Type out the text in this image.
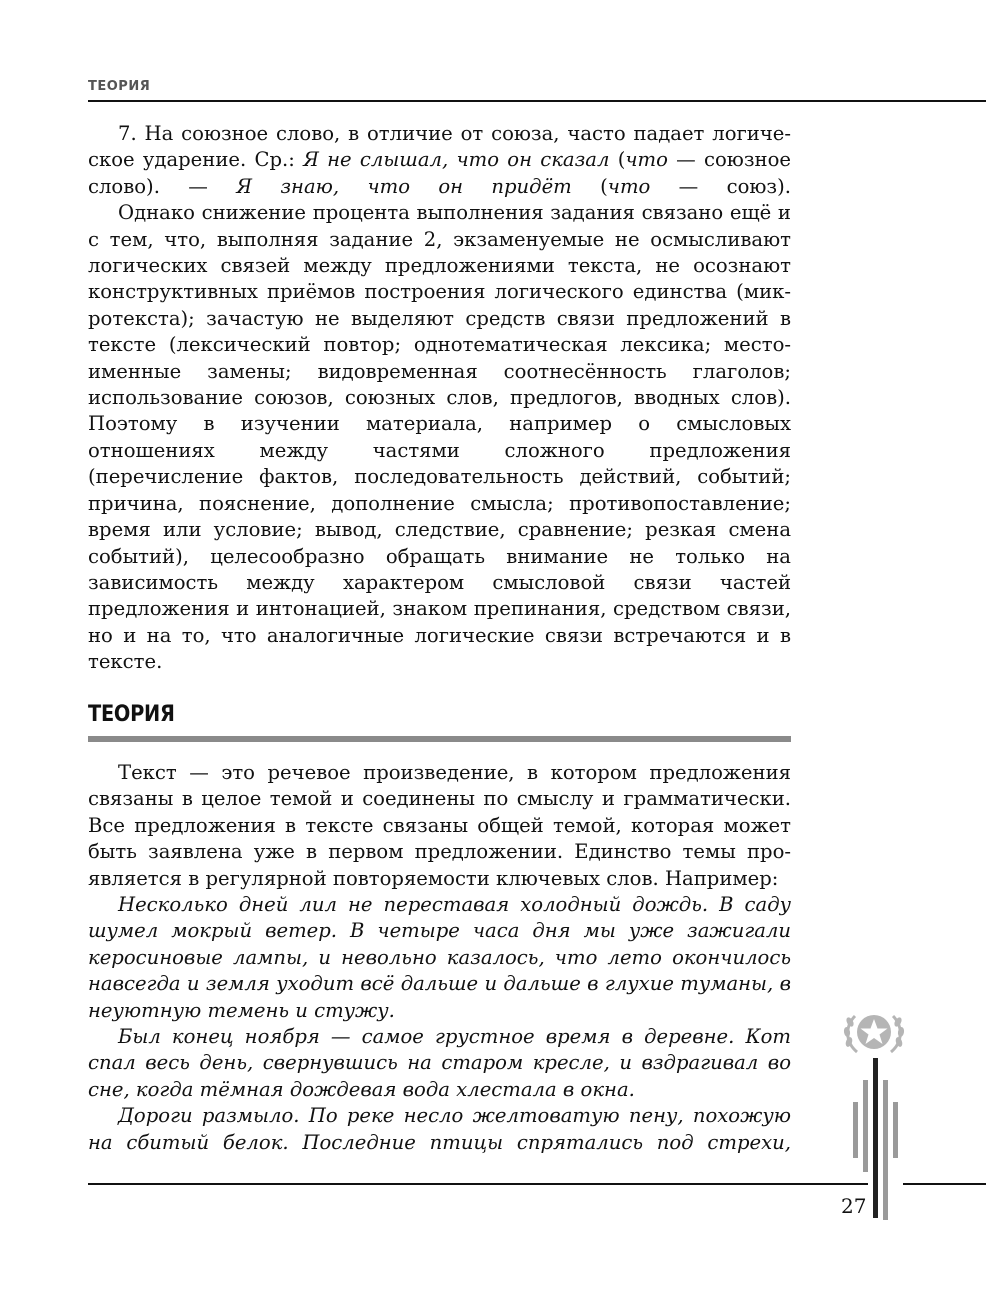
ТЕОРИЯ

7. На союзное слово, в отличие от союза, часто падает логиче-
ское ударение. Ср.: Я не слышал, что он сказал (что — союзное
слово). — Я знаю, что он придёт (что — союз).

Однако снижение процента выполнения задания связано ещё и с тем, что, выполняя задание 2, экзаменуемые не осмысливают логических связей между предложениями текста, не осознают конструктивных приёмов построения логического единства (микротекста); зачастую не выделяют средств связи предложений в тексте (лексический повтор; однотематическая лексика; местоименные замены; видовременная соотнесённость глаголов; использование союзов, союзных слов, предлогов, вводных слов). Поэтому в изучении материала, например о смысловых отношениях между частями сложного предложения (перечисление фактов, последовательность действий, событий; причина, пояснение, дополнение смысла; противопоставление; время или условие; вывод, следствие, сравнение; резкая смена событий), целесообразно обращать внимание не только на зависимость между характером смысловой связи частей предложения и интонацией, знаком препинания, средством связи, но и на то, что аналогичные логические связи встречаются и в тексте.

ТЕОРИЯ

Текст — это речевое произведение, в котором предложения связаны в целое темой и соединены по смыслу и грамматически. Все предложения в тексте связаны общей темой, которая может быть заявлена уже в первом предложении. Единство темы проявляется в регулярной повторяемости ключевых слов. Например:

Несколько дней лил не переставая холодный дождь. В саду шумел мокрый ветер. В четыре часа дня мы уже зажигали керосиновые лампы, и невольно казалось, что лето окончилось навсегда и земля уходит всё дальше и дальше в глухие туманы, в неуютную темень и стужу.

Был конец ноября — самое грустное время в деревне. Кот спал весь день, свернувшись на старом кресле, и вздрагивал во сне, когда тёмная дождевая вода хлестала в окна.

Дороги размыло. По реке несло желтоватую пену, похожую на сбитый белок. Последние птицы спрятались под стрехи,

27
